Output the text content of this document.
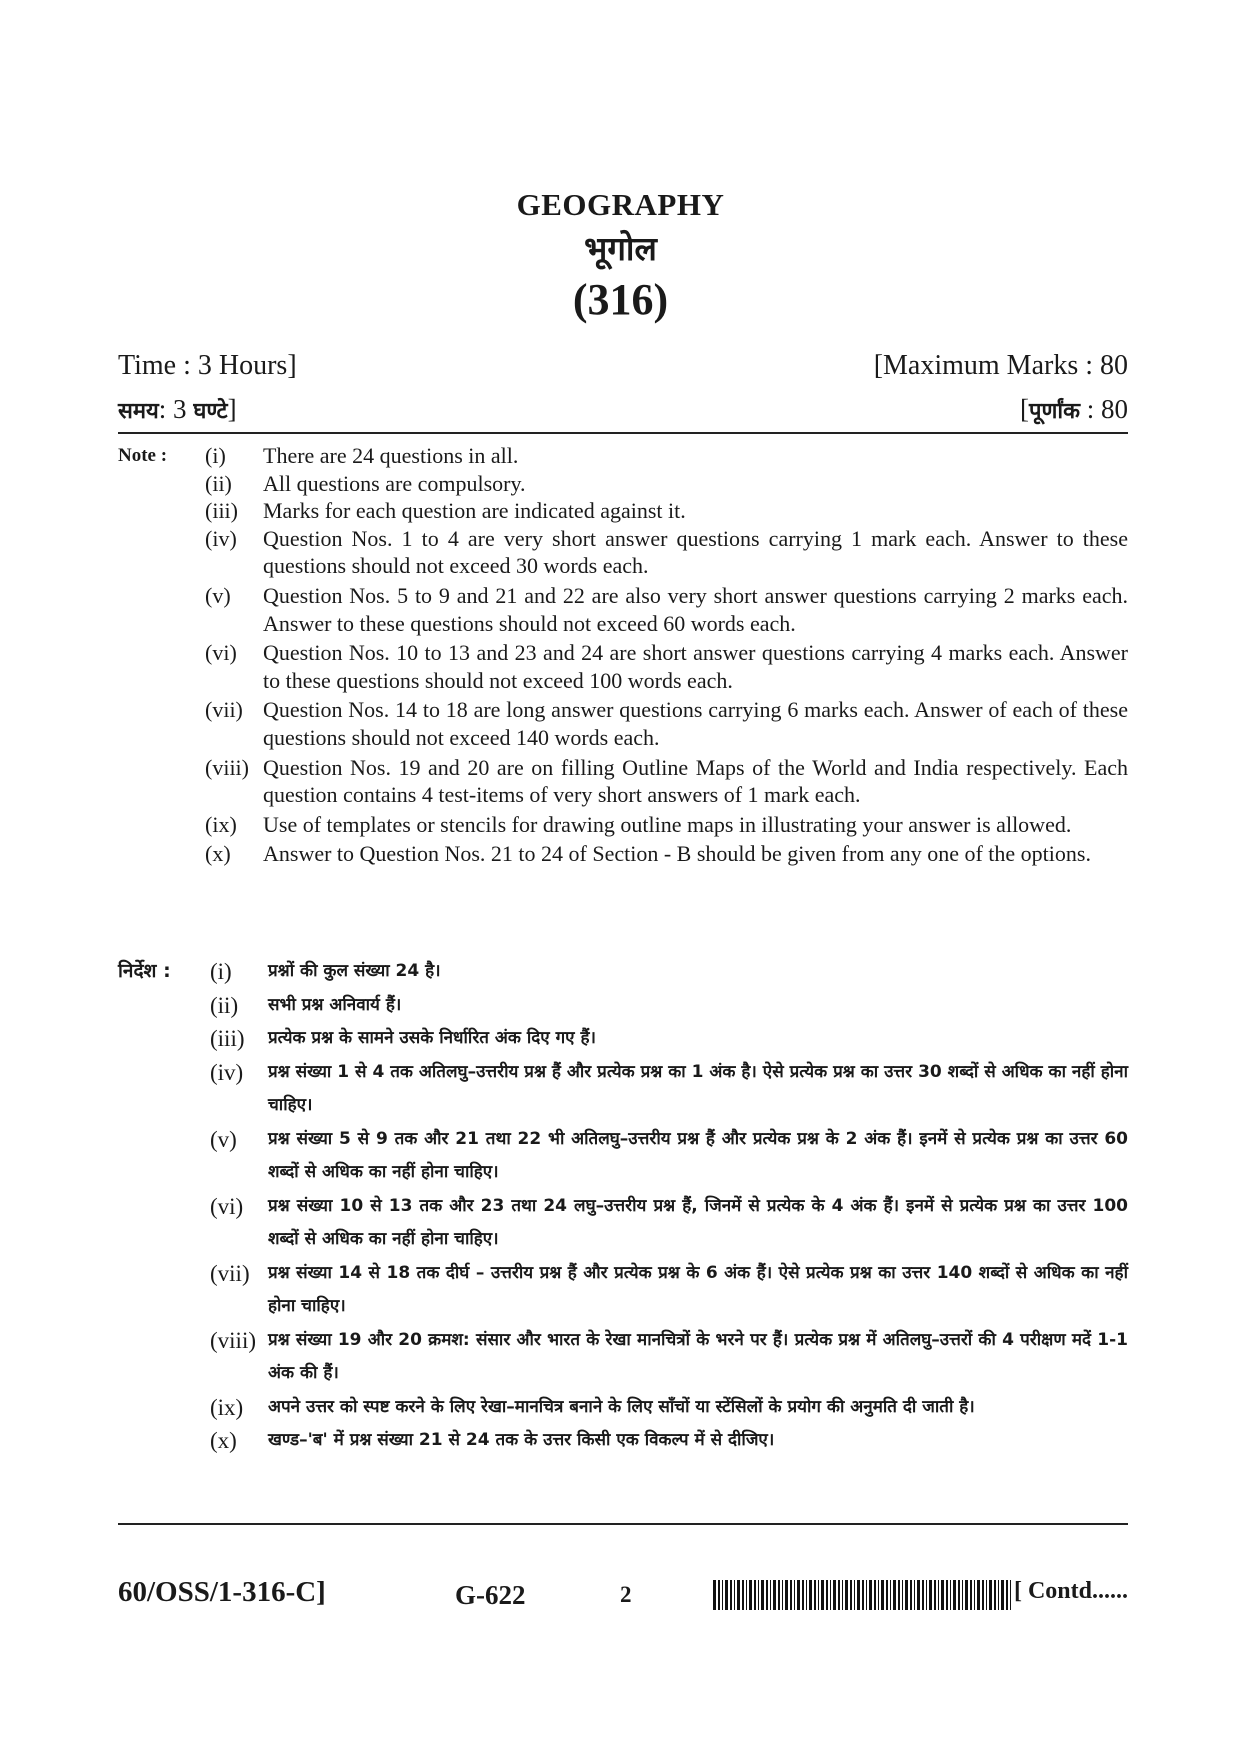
GEOGRAPHY
भूगोल
(316)
Time : 3 Hours]	[Maximum Marks : 80
समय: 3 घण्टे]	[पूर्णांक : 80
Note :	(i)	There are 24 questions in all.
(ii)	All questions are compulsory.
(iii)	Marks for each question are indicated against it.
(iv)	Question Nos. 1 to 4 are very short answer questions carrying 1 mark each. Answer to these questions should not exceed 30 words each.
(v)	Question Nos. 5 to 9 and 21 and 22 are also very short answer questions carrying 2 marks each. Answer to these questions should not exceed 60 words each.
(vi)	Question Nos. 10 to 13 and 23 and 24 are short answer questions carrying 4 marks each. Answer to these questions should not exceed 100 words each.
(vii) Question Nos. 14 to 18 are long answer questions carrying 6 marks each. Answer of each of these questions should not exceed 140 words each.
(viii) Question Nos. 19 and 20 are on filling Outline Maps of the World and India respectively. Each question contains 4 test-items of very short answers of 1 mark each.
(ix)	Use of templates or stencils for drawing outline maps in illustrating your answer is allowed.
(x)	Answer to Question Nos. 21 to 24 of Section - B should be given from any one of the options.
निर्देश :	(i)	प्रश्नों की कुल संख्या 24 है।
(ii)	सभी प्रश्न अनिवार्य हैं।
(iii)	प्रत्येक प्रश्न के सामने उसके निर्धारित अंक दिए गए हैं।
(iv)	प्रश्न संख्या 1 से 4 तक अतिलघु–उत्तरीय प्रश्न हैं और प्रत्येक प्रश्न का 1 अंक है। ऐसे प्रत्येक प्रश्न का उत्तर 30 शब्दों से अधिक का नहीं होना चाहिए।
(v)	प्रश्न संख्या 5 से 9 तक और 21 तथा 22 भी अतिलघु–उत्तरीय प्रश्न हैं और प्रत्येक प्रश्न के 2 अंक हैं। इनमें से प्रत्येक प्रश्न का उत्तर 60 शब्दों से अधिक का नहीं होना चाहिए।
(vi)	प्रश्न संख्या 10 से 13 तक और 23 तथा 24 लघु–उत्तरीय प्रश्न हैं, जिनमें से प्रत्येक के 4 अंक हैं। इनमें से प्रत्येक प्रश्न का उत्तर 100 शब्दों से अधिक का नहीं होना चाहिए।
(vii)	प्रश्न संख्या 14 से 18 तक दीर्घ – उत्तरीय प्रश्न हैं और प्रत्येक प्रश्न के 6 अंक हैं। ऐसे प्रत्येक प्रश्न का उत्तर 140 शब्दों से अधिक का नहीं होना चाहिए।
(viii) प्रश्न संख्या 19 और 20 क्रमश: संसार और भारत के रेखा मानचित्रों के भरने पर हैं। प्रत्येक प्रश्न में अतिलघु–उत्तरों की 4 परीक्षण मदें 1-1 अंक की हैं।
(ix)	अपने उत्तर को स्पष्ट करने के लिए रेखा–मानचित्र बनाने के लिए साँचों या स्टेंसिलों के प्रयोग की अनुमति दी जाती है।
(x)	खण्ड–'ब' में प्रश्न संख्या 21 से 24 तक के उत्तर किसी एक विकल्प में से दीजिए।
60/OSS/1-316-C]	G-622	2	[ Contd......
